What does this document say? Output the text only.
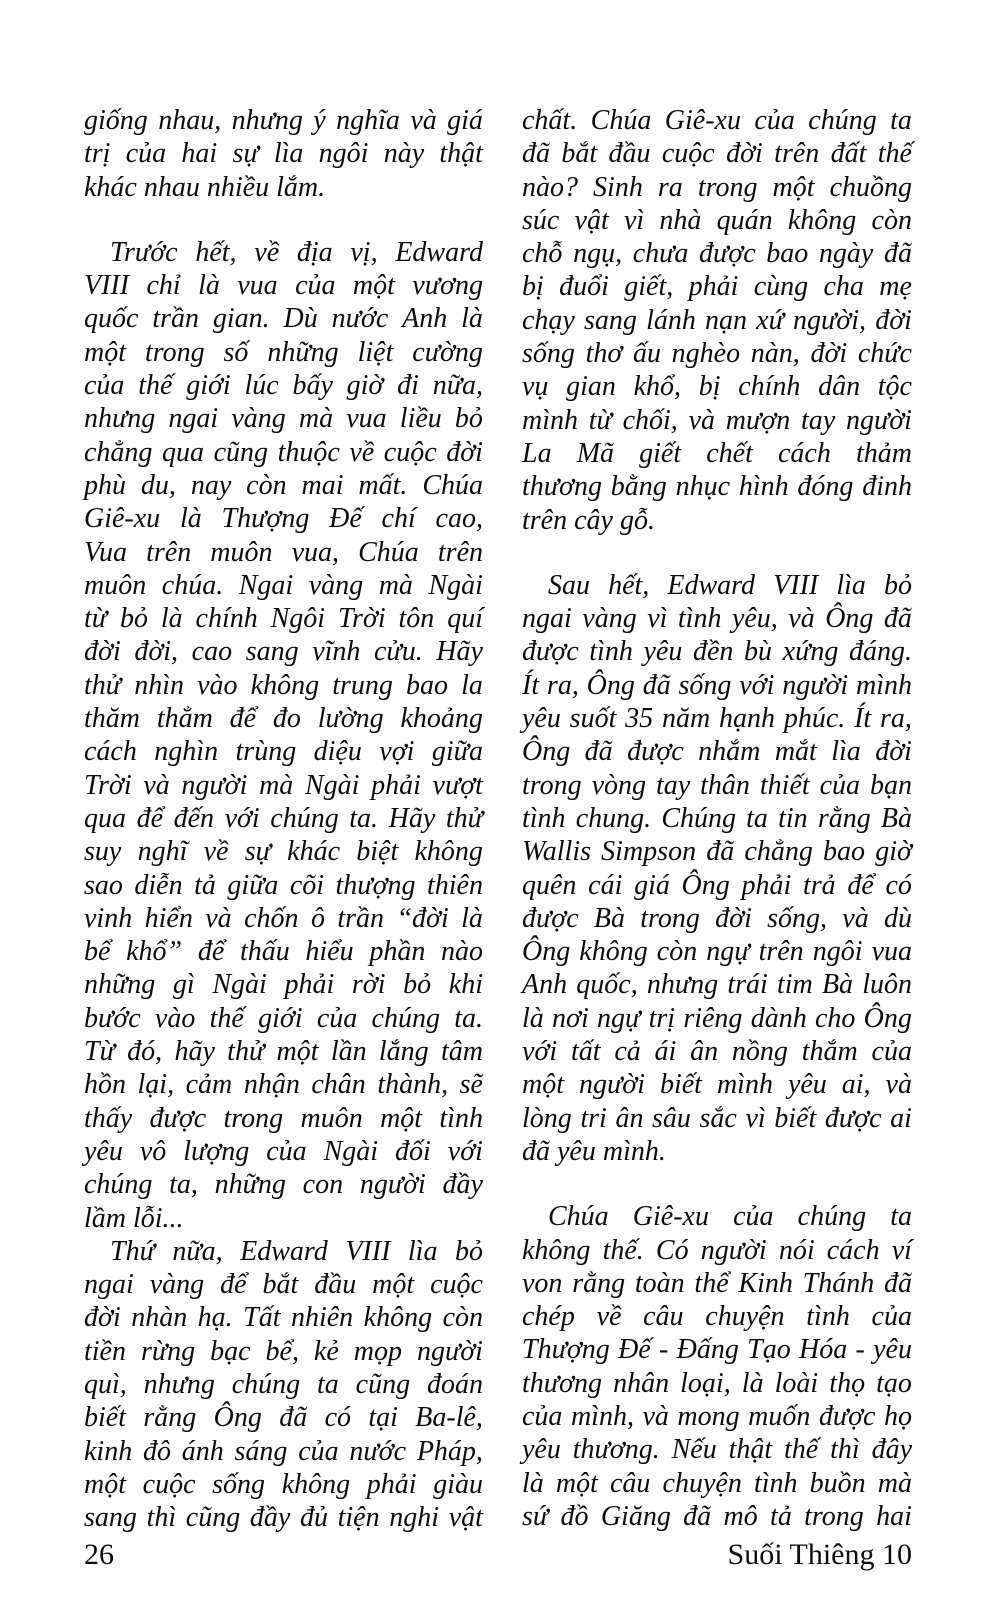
giống nhau, nhưng ý nghĩa và giá
trị của hai sự lìa ngôi này thật
khác nhau nhiều lắm.
Trước hết, về địa vị, Edward
VIII chỉ là vua của một vương
quốc trần gian. Dù nước Anh là
một trong số những liệt cường
của thế giới lúc bấy giờ đi nữa,
nhưng ngai vàng mà vua liều bỏ
chẳng qua cũng thuộc về cuộc đời
phù du, nay còn mai mất. Chúa
Giê-xu là Thượng Đế chí cao,
Vua trên muôn vua, Chúa trên
muôn chúa. Ngai vàng mà Ngài
từ bỏ là chính Ngôi Trời tôn quí
đời đời, cao sang vĩnh cửu. Hãy
thử nhìn vào không trung bao la
thăm thẳm để đo lường khoảng
cách nghìn trùng diệu vợi giữa
Trời và người mà Ngài phải vượt
qua để đến với chúng ta. Hãy thử
suy nghĩ về sự khác biệt không
sao diễn tả giữa cõi thượng thiên
vinh hiển và chốn ô trần “đời là
bể khổ” để thấu hiểu phần nào
những gì Ngài phải rời bỏ khi
bước vào thế giới của chúng ta.
Từ đó, hãy thử một lần lắng tâm
hồn lại, cảm nhận chân thành, sẽ
thấy được trong muôn một tình
yêu vô lượng của Ngài đối với
chúng ta, những con người đầy
lầm lỗi...
Thứ nữa, Edward VIII lìa bỏ
ngai vàng để bắt đầu một cuộc
đời nhàn hạ. Tất nhiên không còn
tiền rừng bạc bể, kẻ mọp người
quì, nhưng chúng ta cũng đoán
biết rằng Ông đã có tại Ba-lê,
kinh đô ánh sáng của nước Pháp,
một cuộc sống không phải giàu
sang thì cũng đầy đủ tiện nghi vật
chất. Chúa Giê-xu của chúng ta
đã bắt đầu cuộc đời trên đất thế
nào? Sinh ra trong một chuồng
súc vật vì nhà quán không còn
chỗ ngụ, chưa được bao ngày đã
bị đuổi giết, phải cùng cha mẹ
chạy sang lánh nạn xứ người, đời
sống thơ ấu nghèo nàn, đời chức
vụ gian khổ, bị chính dân tộc
mình từ chối, và mượn tay người
La Mã giết chết cách thảm
thương bằng nhục hình đóng đinh
trên cây gỗ.
Sau hết, Edward VIII lìa bỏ
ngai vàng vì tình yêu, và Ông đã
được tình yêu đền bù xứng đáng.
Ít ra, Ông đã sống với người mình
yêu suốt 35 năm hạnh phúc. Ít ra,
Ông đã được nhắm mắt lìa đời
trong vòng tay thân thiết của bạn
tình chung. Chúng ta tin rằng Bà
Wallis Simpson đã chẳng bao giờ
quên cái giá Ông phải trả để có
được Bà trong đời sống, và dù
Ông không còn ngự trên ngôi vua
Anh quốc, nhưng trái tim Bà luôn
là nơi ngự trị riêng dành cho Ông
với tất cả ái ân nồng thắm của
một người biết mình yêu ai, và
lòng tri ân sâu sắc vì biết được ai
đã yêu mình.
Chúa Giê-xu của chúng ta
không thế. Có người nói cách ví
von rằng toàn thể Kinh Thánh đã
chép về câu chuyện tình của
Thượng Đế - Đấng Tạo Hóa - yêu
thương nhân loại, là loài thọ tạo
của mình, và mong muốn được họ
yêu thương. Nếu thật thế thì đây
là một câu chuyện tình buồn mà
sứ đồ Giăng đã mô tả trong hai
26	Suối Thiêng 10
